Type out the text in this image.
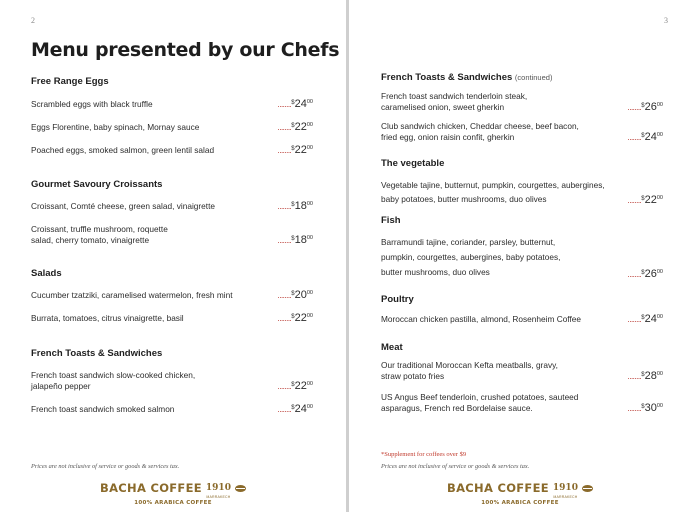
2
Menu presented by our Chefs
Free Range Eggs
Scrambled eggs with black truffle	$........^{\$}24^{00}$
Eggs Florentine, baby spinach, Mornay sauce	$........^{\$}22^{00}$
Poached eggs, smoked salmon, green lentil salad	$........^{\$}22^{00}$
Gourmet Savoury Croissants
Croissant, Comté cheese, green salad, vinaigrette	$........^{\$}18^{00}$
Croissant, truffle mushroom, roquette salad, cherry tomato, vinaigrette	$........^{\$}18^{00}$
Salads
Cucumber tzatziki, caramelised watermelon, fresh mint	$........^{\$}20^{00}$
Burrata, tomatoes, citrus vinaigrette, basil	$........^{\$}22^{00}$
French Toasts & Sandwiches
French toast sandwich slow-cooked chicken, jalapeño pepper	$........^{\$}22^{00}$
French toast sandwich smoked salmon	$........^{\$}24^{00}$
Prices are not inclusive of service or goods & services tax.
BACHA COFFEE 1910
MARRAKECH
100% ARABICA COFFEE
3
French Toasts & Sandwiches (continued)
French toast sandwich tenderloin steak, caramelised onion, sweet gherkin	$........^{\$}26^{00}$
Club sandwich chicken, Cheddar cheese, beef bacon, fried egg, onion raisin confit, gherkin	$........^{\$}24^{00}$
The vegetable
Vegetable tajine, butternut, pumpkin, courgettes, aubergines, baby potatoes, butter mushrooms, duo olives	$........^{\$}22^{00}$
Fish
Barramundi tajine, coriander, parsley, butternut, pumpkin, courgettes, aubergines, baby potatoes, butter mushrooms, duo olives	$........^{\$}26^{00}$
Poultry
Moroccan chicken pastilla, almond, Rosenheim Coffee	$........^{\$}24^{00}$
Meat
Our traditional Moroccan Kefta meatballs, gravy, straw potato fries	$........^{\$}28^{00}$
US Angus Beef tenderloin, crushed potatoes, sauteed asparagus, French red Bordelaise sauce.	$........^{\$}30^{00}$
*Supplement for coffees over $9
Prices are not inclusive of service or goods & services tax.
BACHA COFFEE 1910
MARRAKECH
100% ARABICA COFFEE
